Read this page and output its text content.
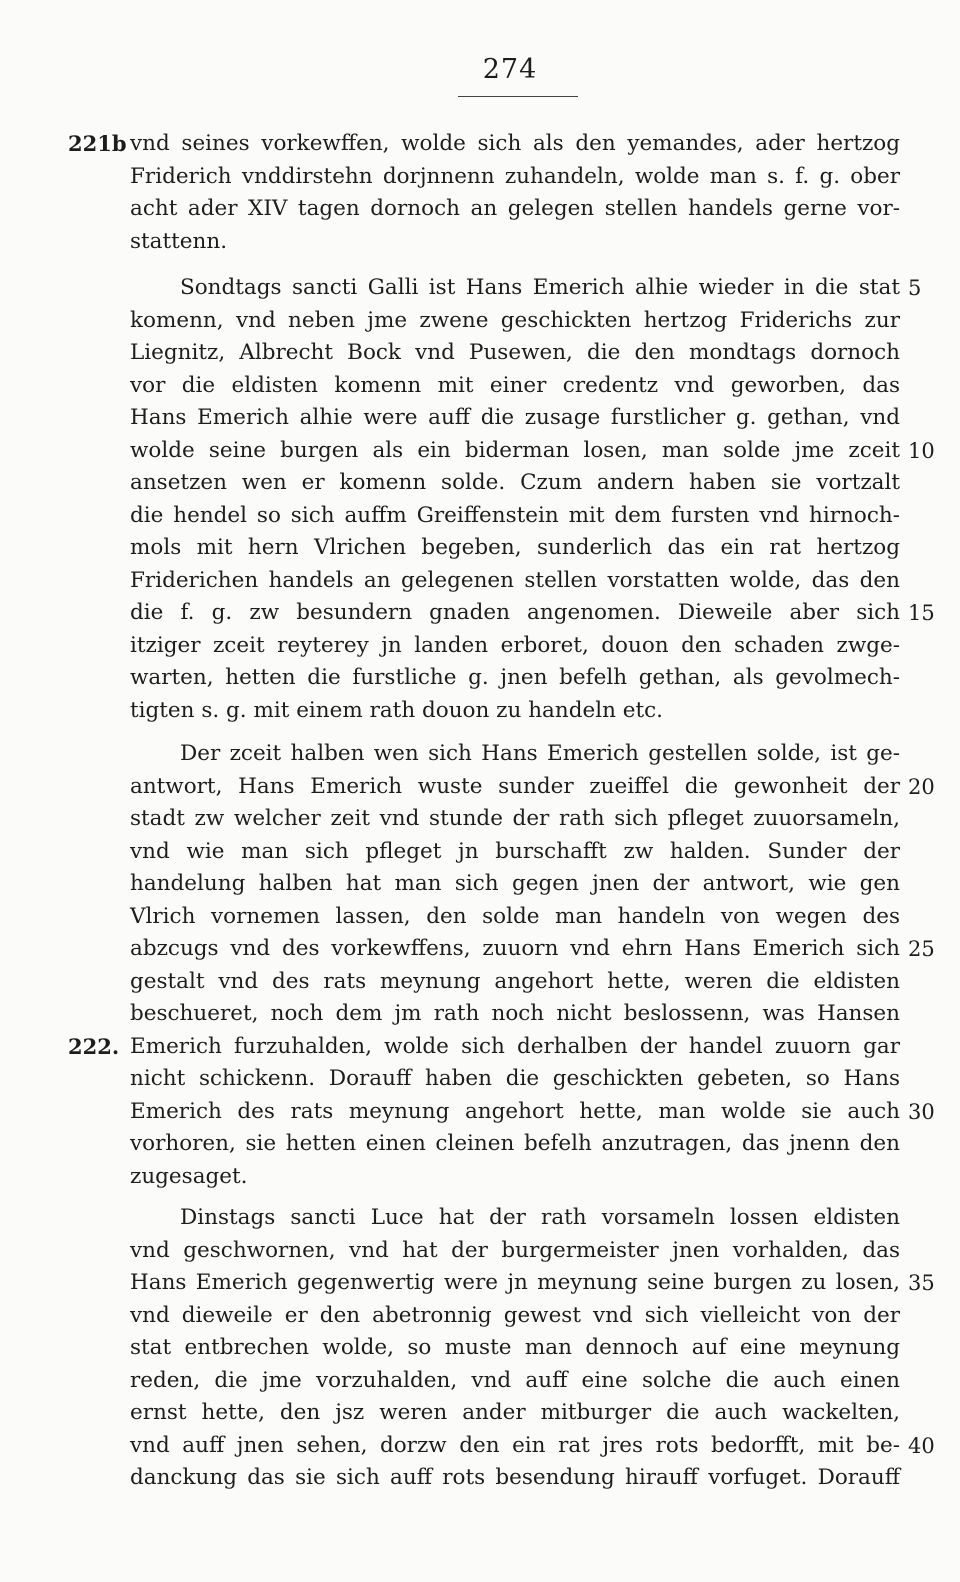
274
vnd seines vorkewffen, wolde sich als den yemandes, ader hertzog
221b
Friderich vnddirstehn dorjnnenn zuhandeln, wolde man s. f. g. ober
acht ader XIV tagen dornoch an gelegen stellen handels gerne vor-
stattenn.
Sondtags sancti Galli ist Hans Emerich alhie wieder in die stat 5
komenn, vnd neben jme zwene geschickten hertzog Friderichs zur
Liegnitz, Albrecht Bock vnd Pusewen, die den mondtags dornoch
vor die eldisten komenn mit einer credentz vnd geworben, das
Hans Emerich alhie were auff die zusage furstlicher g. gethan, vnd
wolde seine burgen als ein biderman losen, man solde jme zceit 10
ansetzen wen er komenn solde. Czum andern haben sie vortzalt
die hendel so sich auffm Greiffenstein mit dem fursten vnd hirnoch-
mols mit hern Vlrichen begeben, sunderlich das ein rat hertzog
Friderichen handels an gelegenen stellen vorstatten wolde, das den
die f. g. zw besundern gnaden angenomen. Dieweile aber sich 15
itziger zceit reyterey jn landen erboret, douon den schaden zwge-
warten, hetten die furstliche g. jnen befelh gethan, als gevolmech-
tigten s. g. mit einem rath douon zu handeln etc.
Der zceit halben wen sich Hans Emerich gestellen solde, ist ge-
antwort, Hans Emerich wuste sunder zueiffel die gewonheit der 20
stadt zw welcher zeit vnd stunde der rath sich pfleget zuuorsameln,
vnd wie man sich pfleget jn burschafft zw halden. Sunder der
handelung halben hat man sich gegen jnen der antwort, wie gen
Vlrich vornemen lassen, den solde man handeln von wegen des
abzcugs vnd des vorkewffens, zuuorn vnd ehrn Hans Emerich sich 25
gestalt vnd des rats meynung angehort hette, weren die eldisten
beschueret, noch dem jm rath noch nicht beslossenn, was Hansen
Emerich furzuhalden, wolde sich derhalben der handel zuuorn gar
222.
nicht schickenn. Dorauff haben die geschickten gebeten, so Hans
Emerich des rats meynung angehort hette, man wolde sie auch 30
vorhoren, sie hetten einen cleinen befelh anzutragen, das jnenn den
zugesaget.
Dinstags sancti Luce hat der rath vorsameln lossen eldisten
vnd geschwornen, vnd hat der burgermeister jnen vorhalden, das
Hans Emerich gegenwertig were jn meynung seine burgen zu losen, 35
vnd dieweile er den abetronnig gewest vnd sich vielleicht von der
stat entbrechen wolde, so muste man dennoch auf eine meynung
reden, die jme vorzuhalden, vnd auff eine solche die auch einen
ernst hette, den jsz weren ander mitburger die auch wackelten,
vnd auff jnen sehen, dorzw den ein rat jres rots bedorfft, mit be- 40
danckung das sie sich auff rots besendung hirauff vorfuget. Dorauff
